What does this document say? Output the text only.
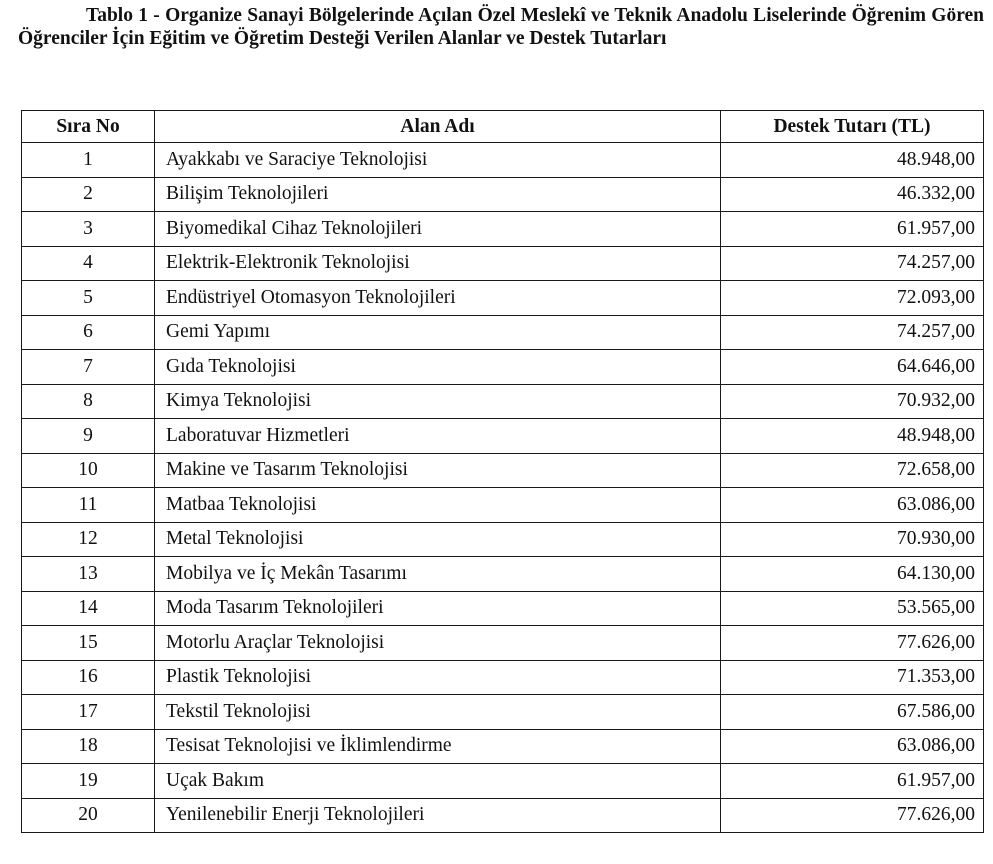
Tablo 1 - Organize Sanayi Bölgelerinde Açılan Özel Meslekî ve Teknik Anadolu Liselerinde Öğrenim Gören Öğrenciler İçin Eğitim ve Öğretim Desteği Verilen Alanlar ve Destek Tutarları
Sıra No	Alan Adı	Destek Tutarı (TL)
1	Ayakkabı ve Saraciye Teknolojisi	48.948,00
2	Bilişim Teknolojileri	46.332,00
3	Biyomedikal Cihaz Teknolojileri	61.957,00
4	Elektrik-Elektronik Teknolojisi	74.257,00
5	Endüstriyel Otomasyon Teknolojileri	72.093,00
6	Gemi Yapımı	74.257,00
7	Gıda Teknolojisi	64.646,00
8	Kimya Teknolojisi	70.932,00
9	Laboratuvar Hizmetleri	48.948,00
10	Makine ve Tasarım Teknolojisi	72.658,00
11	Matbaa Teknolojisi	63.086,00
12	Metal Teknolojisi	70.930,00
13	Mobilya ve İç Mekân Tasarımı	64.130,00
14	Moda Tasarım Teknolojileri	53.565,00
15	Motorlu Araçlar Teknolojisi	77.626,00
16	Plastik Teknolojisi	71.353,00
17	Tekstil Teknolojisi	67.586,00
18	Tesisat Teknolojisi ve İklimlendirme	63.086,00
19	Uçak Bakım	61.957,00
20	Yenilenebilir Enerji Teknolojileri	77.626,00
